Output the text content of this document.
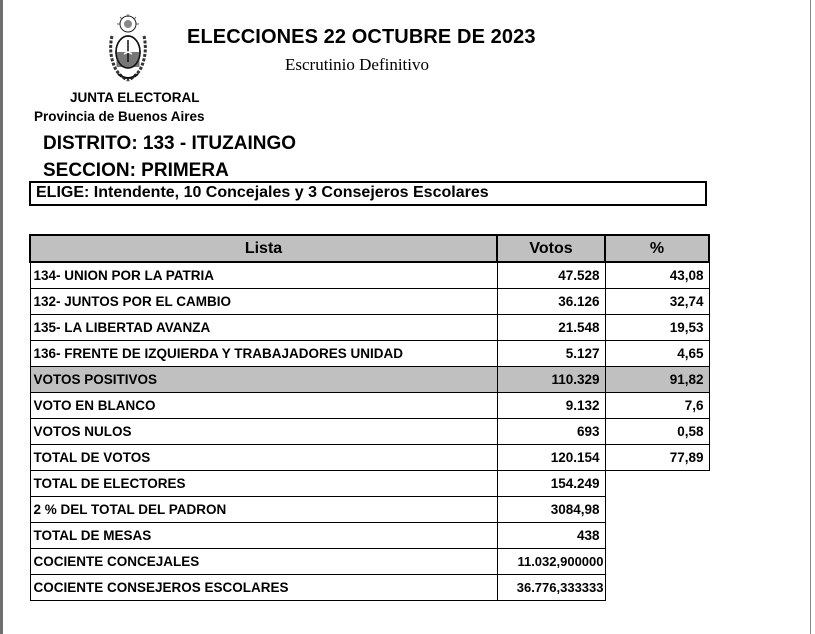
ELECCIONES 22 OCTUBRE DE 2023
Escrutinio Definitivo
JUNTA ELECTORAL
Provincia de Buenos Aires
DISTRITO: 133 - ITUZAINGO
SECCION: PRIMERA
ELIGE: Intendente, 10 Concejales y 3 Consejeros Escolares
Lista	Votos	%
134- UNION POR LA PATRIA	47.528	43,08
132- JUNTOS POR EL CAMBIO	36.126	32,74
135- LA LIBERTAD AVANZA	21.548	19,53
136- FRENTE DE IZQUIERDA Y TRABAJADORES UNIDAD	5.127	4,65
VOTOS POSITIVOS	110.329	91,82
VOTO EN BLANCO	9.132	7,6
VOTOS NULOS	693	0,58
TOTAL DE VOTOS	120.154	77,89
TOTAL DE ELECTORES	154.249	
2 % DEL TOTAL DEL PADRON	3084,98	
TOTAL DE MESAS	438	
COCIENTE CONCEJALES	11.032,900000	
COCIENTE CONSEJEROS ESCOLARES	36.776,333333	
